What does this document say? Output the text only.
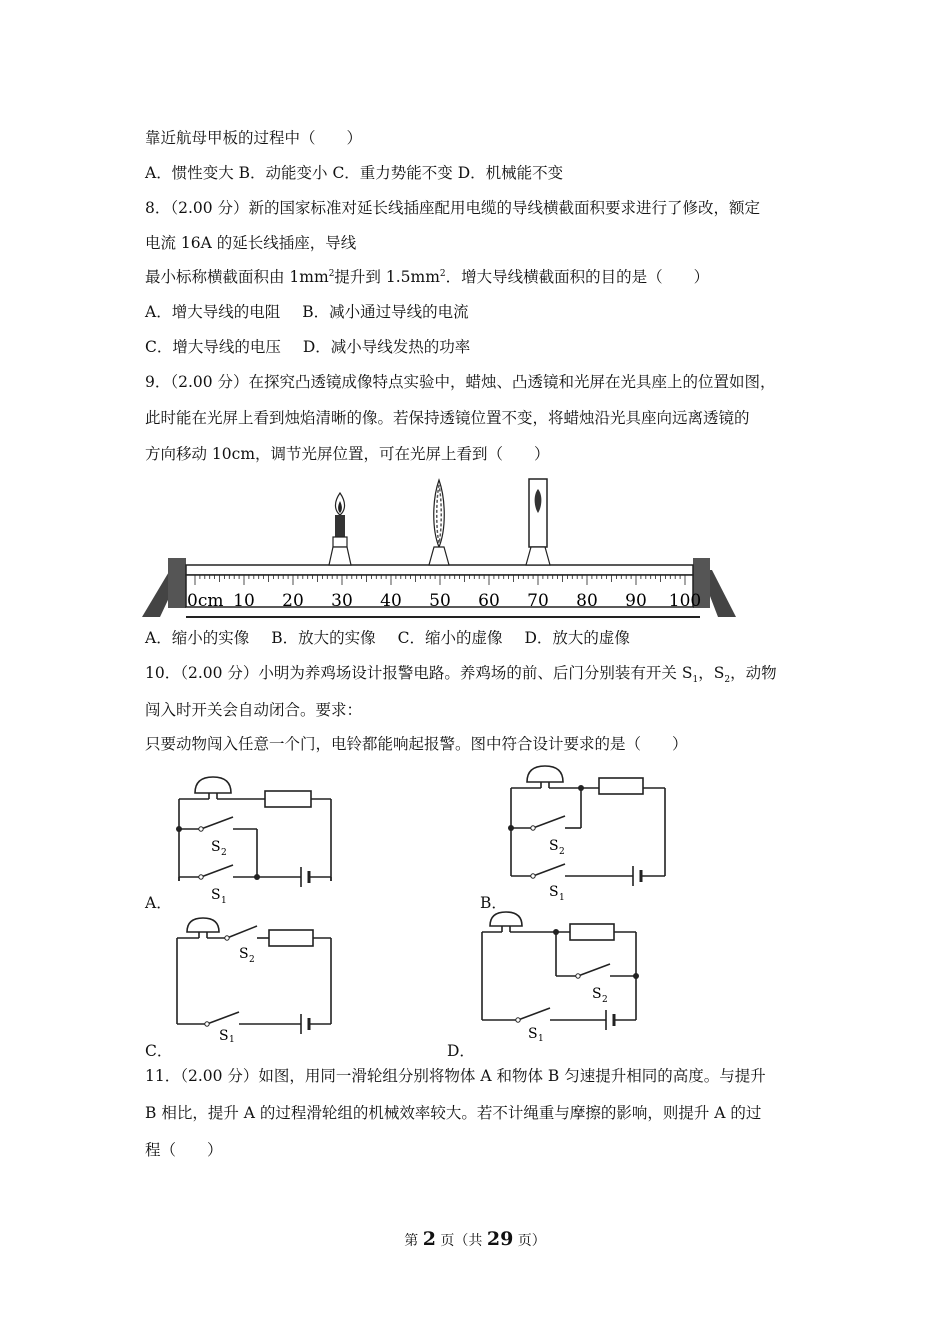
靠近航母甲板的过程中（　　）
A．惯性变大 B．动能变小 C．重力势能不变 D．机械能不变
8．（2.00 分）新的国家标准对延长线插座配用电缆的导线横截面积要求进行了修改，额定
电流 16A 的延长线插座，导线
最小标称横截面积由 $1mm^2$提升到 $1.5mm^2$．增大导线横截面积的目的是（　　）
A．增大导线的电阻 B．减小通过导线的电流
C．增大导线的电压 D．减小导线发热的功率
9．（2.00 分）在探究凸透镜成像特点实验中，蜡烛、凸透镜和光屏在光具座上的位置如图，
此时能在光屏上看到烛焰清晰的像。若保持透镜位置不变，将蜡烛沿光具座向远离透镜的
方向移动 10cm，调节光屏位置，可在光屏上看到（　　）
0cm 10 20 30 40 50 60 70 80 90 100
A．缩小的实像 B．放大的实像 C．缩小的虚像 D．放大的虚像
10．（2.00 分）小明为养鸡场设计报警电路。养鸡场的前、后门分别装有开关 $S_1$，$S_2$，动物
闯入时开关会自动闭合。要求：
只要动物闯入任意一个门，电铃都能响起报警。图中符合设计要求的是（　　）
S 2
S 1
A．
S 2
S 1
B．
S 2
S 1
C．
S 2
S 1
D．
11．（2.00 分）如图，用同一滑轮组分别将物体 A 和物体 B 匀速提升相同的高度。与提升
B 相比，提升 A 的过程滑轮组的机械效率较大。若不计绳重与摩擦的影响，则提升 A 的过
程（　　）
第 2 页（共 29 页）
